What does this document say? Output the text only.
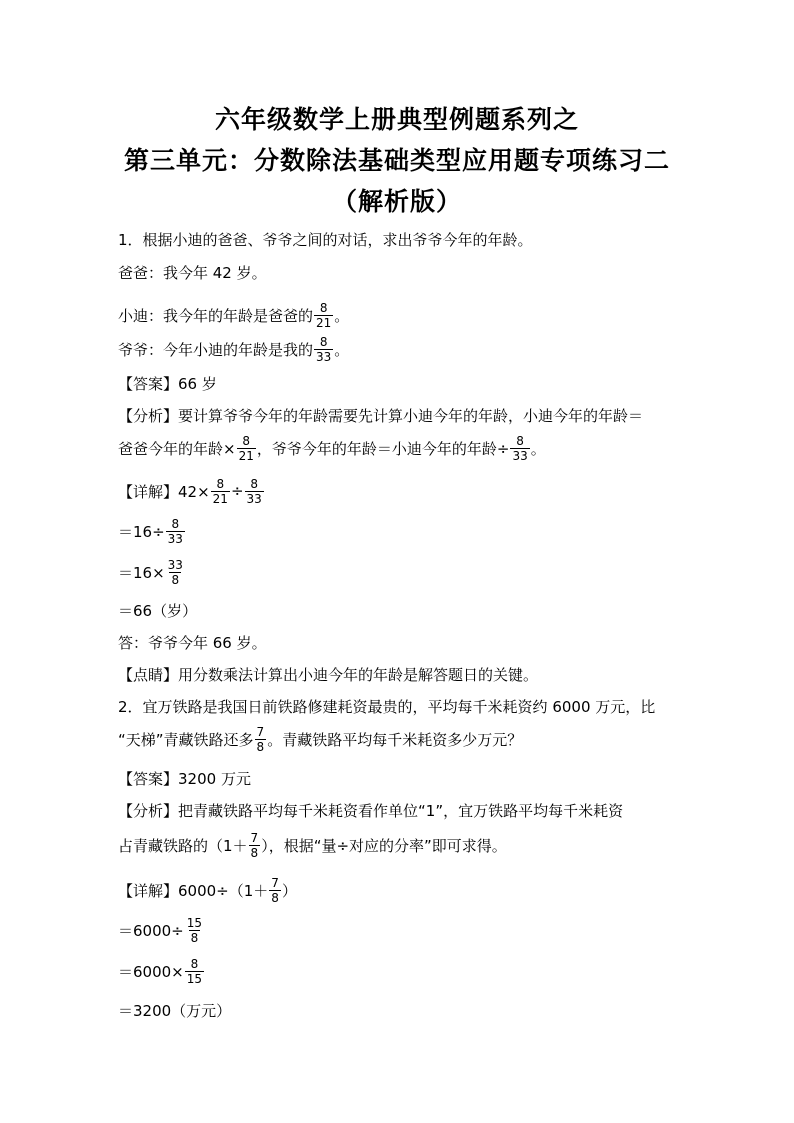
六年级数学上册典型例题系列之
第三单元：分数除法基础类型应用题专项练习二
（解析版）
1．根据小迪的爸爸、爷爷之间的对话，求出爷爷今年的年龄。
爸爸：我今年 42 岁。
小迪：我今年的年龄是爸爸的 $\frac{8}{21}$ 。
爷爷：今年小迪的年龄是我的 $\frac{8}{33}$ 。
【答案】66 岁
【分析】要计算爷爷今年的年龄需要先计算小迪今年的年龄，小迪今年的年龄＝
爸爸今年的年龄× $\frac{8}{21}$ ，爷爷今年的年龄＝小迪今年的年龄÷ $\frac{8}{33}$ 。
【详解】$42\times \frac{8}{21} \div \frac{8}{33}$
$=16\div \frac{8}{33}$
$=16\times \frac{33}{8}$
＝66（岁）
答：爷爷今年 66 岁。
【点睛】用分数乘法计算出小迪今年的年龄是解答题日的关键。
2．宜万铁路是我国日前铁路修建耗资最贵的，平均每千米耗资约 6000 万元，比
“天梯”青藏铁路还多 $\frac{7}{8}$ 。青藏铁路平均每千米耗资多少万元？
【答案】3200 万元
【分析】把青藏铁路平均每千米耗资看作单位“1”，宜万铁路平均每千米耗资
占青藏铁路的（$1+ \frac{7}{8}$ ），根据“量÷对应的分率”即可求得。
【详解】$6000\div(1+ \frac{7}{8}$ ）
$=6000\div \frac{15}{8}$
$=6000\times \frac{8}{15}$
＝3200（万元）
